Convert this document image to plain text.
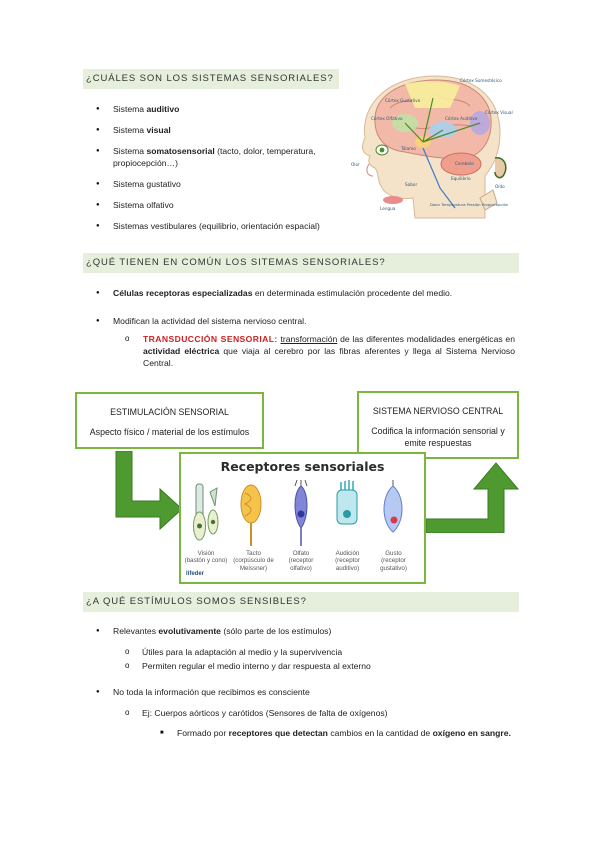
¿CUÁLES SON LOS SISTEMAS SENSORIALES?
● Sistema auditivo
● Sistema visual
● Sistema somatosensorial (tacto, dolor, temperatura, propiocepción…)
● Sistema gustativo
● Sistema olfativo
● Sistemas vestibulares (equilibrio, orientación espacial)
Córtex Somestésico
Córtex Gustativo
Córtex Olfativo	Córtex Auditivo
Córtex Visual
Tálamo
Cerebelo
Equilibrio
Oído
Sabor
Lengua
Olor
Dolor Temperatura Presión Propiocepción
¿QUÉ TIENEN EN COMÚN LOS SITEMAS SENSORIALES?
● Células receptoras especializadas en determinada estimulación procedente del medio.
● Modifican la actividad del sistema nervioso central.
o TRANSDUCCIÓN SENSORIAL: transformación de las diferentes modalidades energéticas en actividad eléctrica que viaja al cerebro por las fibras aferentes y llega al Sistema Nervioso Central.
ESTIMULACIÓN SENSORIAL
Aspecto físico / material de los estímulos
SISTEMA NERVIOSO CENTRAL
Codifica la información sensorial y emite respuestas
Receptores sensoriales
Visión
(bastón y cono)
Tacto
(corpúsculo de Meissner)
Olfato
(receptor olfativo)
Audición
(receptor auditivo)
Gusto
(receptor gustativo)
lifeder
¿A QUÉ ESTÍMULOS SOMOS SENSIBLES?
● Relevantes evolutivamente (sólo parte de los estímulos)
o Útiles para la adaptación al medio y la supervivencia
o Permiten regular el medio interno y dar respuesta al externo
● No toda la información que recibimos es consciente
o Ej: Cuerpos aórticos y carótidos (Sensores de falta de oxígenos)
■ Formado por receptores que detectan cambios en la cantidad de oxígeno en sangre.
